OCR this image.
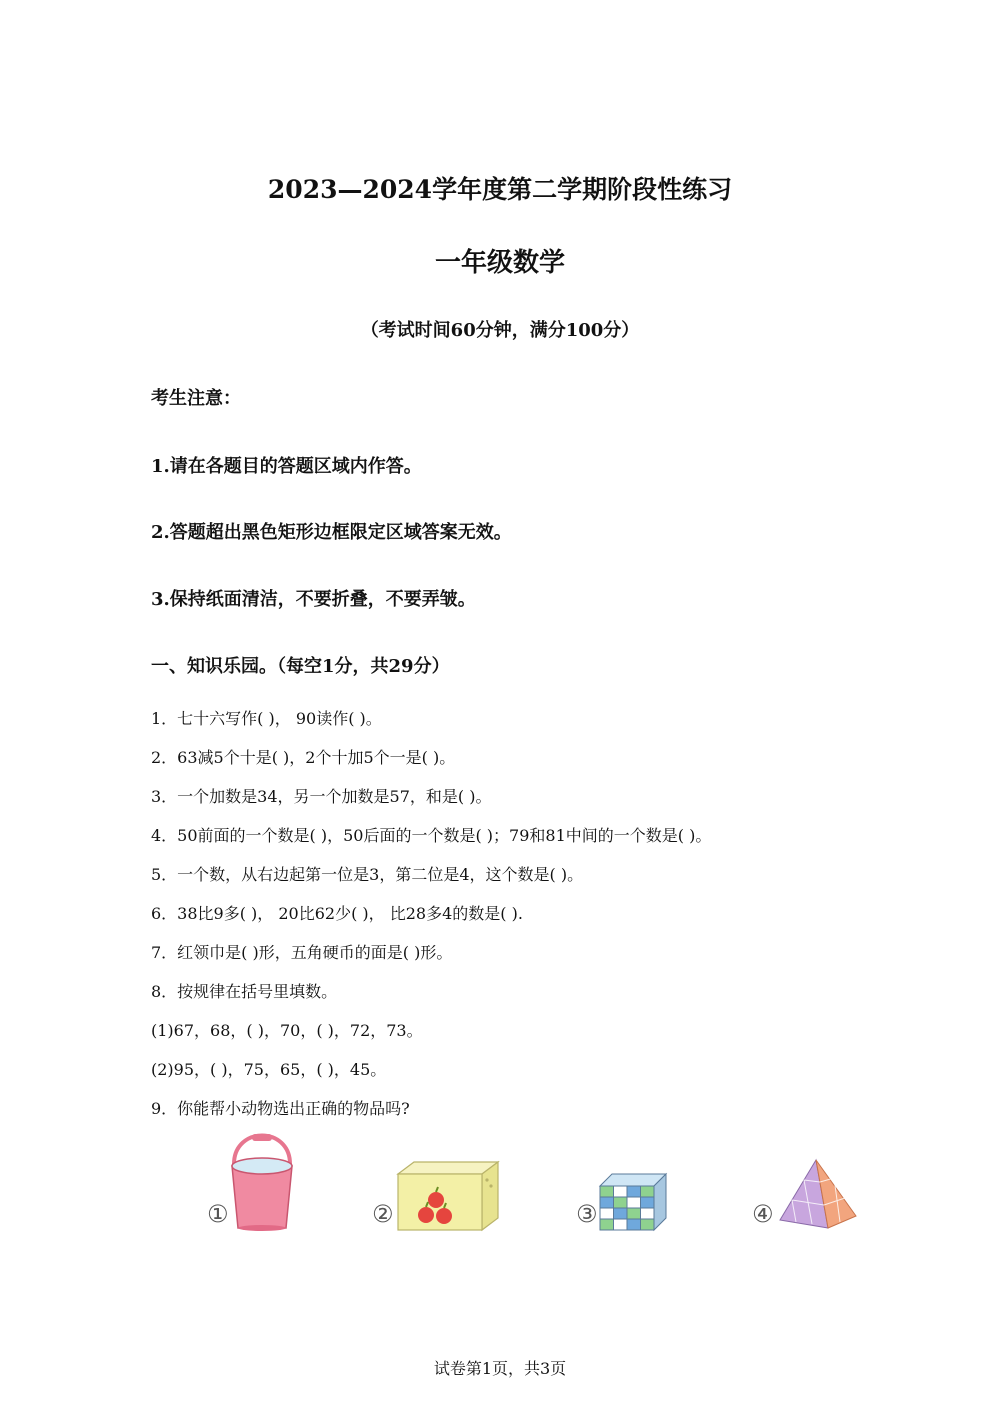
2023—2024学年度第二学期阶段性练习
一年级数学
（考试时间60分钟，满分100分）
考生注意：
1.请在各题目的答题区域内作答。
2.答题超出黑色矩形边框限定区域答案无效。
3.保持纸面清洁，不要折叠，不要弄皱。
一、知识乐园。（每空1分，共29分）
1．七十六写作( )， 90读作( )。
2．63减5个十是( )，2个十加5个一是( )。
3．一个加数是34，另一个加数是57，和是( )。
4．50前面的一个数是( )，50后面的一个数是( )；79和81中间的一个数是( )。
5．一个数，从右边起第一位是3，第二位是4，这个数是( )。
6．38比9多( )， 20比62少( )， 比28多4的数是( ).
7．红领巾是( )形，五角硬币的面是( )形。
8．按规律在括号里填数。
(1)67，68，( )，70，( )，72，73。
(2)95，( )，75，65，( )，45。
9．你能帮小动物选出正确的物品吗?
①	②	③	④
试卷第1页，共3页
